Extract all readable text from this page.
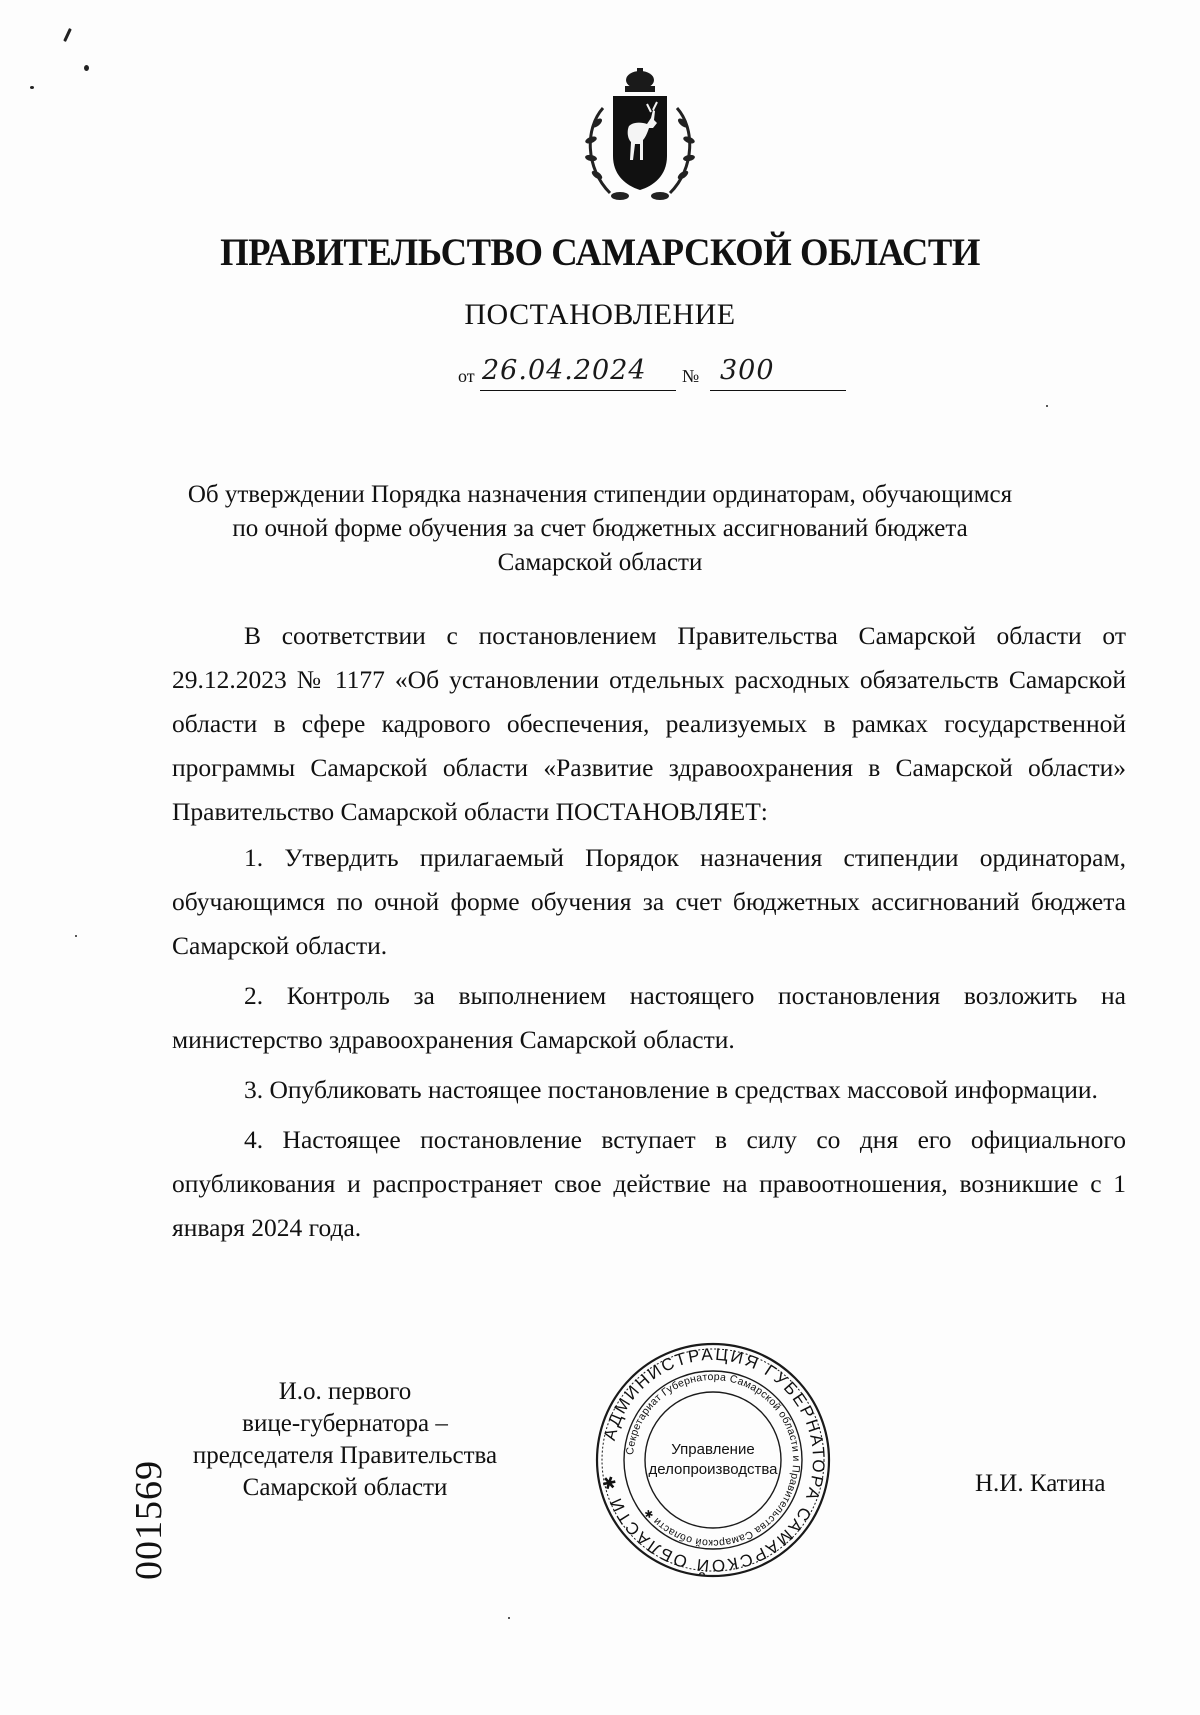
ПРАВИТЕЛЬСТВО САМАРСКОЙ ОБЛАСТИ
ПОСТАНОВЛЕНИЕ
от 26.04.2024 № 300
Об утверждении Порядка назначения стипендии ординаторам, обучающимся
по очной форме обучения за счет бюджетных ассигнований бюджета
Самарской области

В соответствии с постановлением Правительства Самарской области от 29.12.2023 № 1177 «Об установлении отдельных расходных обязательств Самарской области в сфере кадрового обеспечения, реализуемых в рамках государственной программы Самарской области «Развитие здравоохранения в Самарской области» Правительство Самарской области ПОСТАНОВЛЯЕТ:

1. Утвердить прилагаемый Порядок назначения стипендии ординаторам, обучающимся по очной форме обучения за счет бюджетных ассигнований бюджета Самарской области.

2. Контроль за выполнением настоящего постановления возложить на министерство здравоохранения Самарской области.

3. Опубликовать настоящее постановление в средствах массовой информации.

4. Настоящее постановление вступает в силу со дня его официального опубликования и распространяет свое действие на правоотношения, возникшие с 1 января 2024 года.

И.о. первого
вице-губернатора –
председателя Правительства
Самарской области
АДМИНИСТРАЦИЯ ГУБЕРНАТОРА САМАРСКОЙ ОБЛАСТИ ✱
Секретариат Губернатора Самарской области и Правительства Самарской области ✱
Управление
делопроизводства
Н.И. Катина
001569
